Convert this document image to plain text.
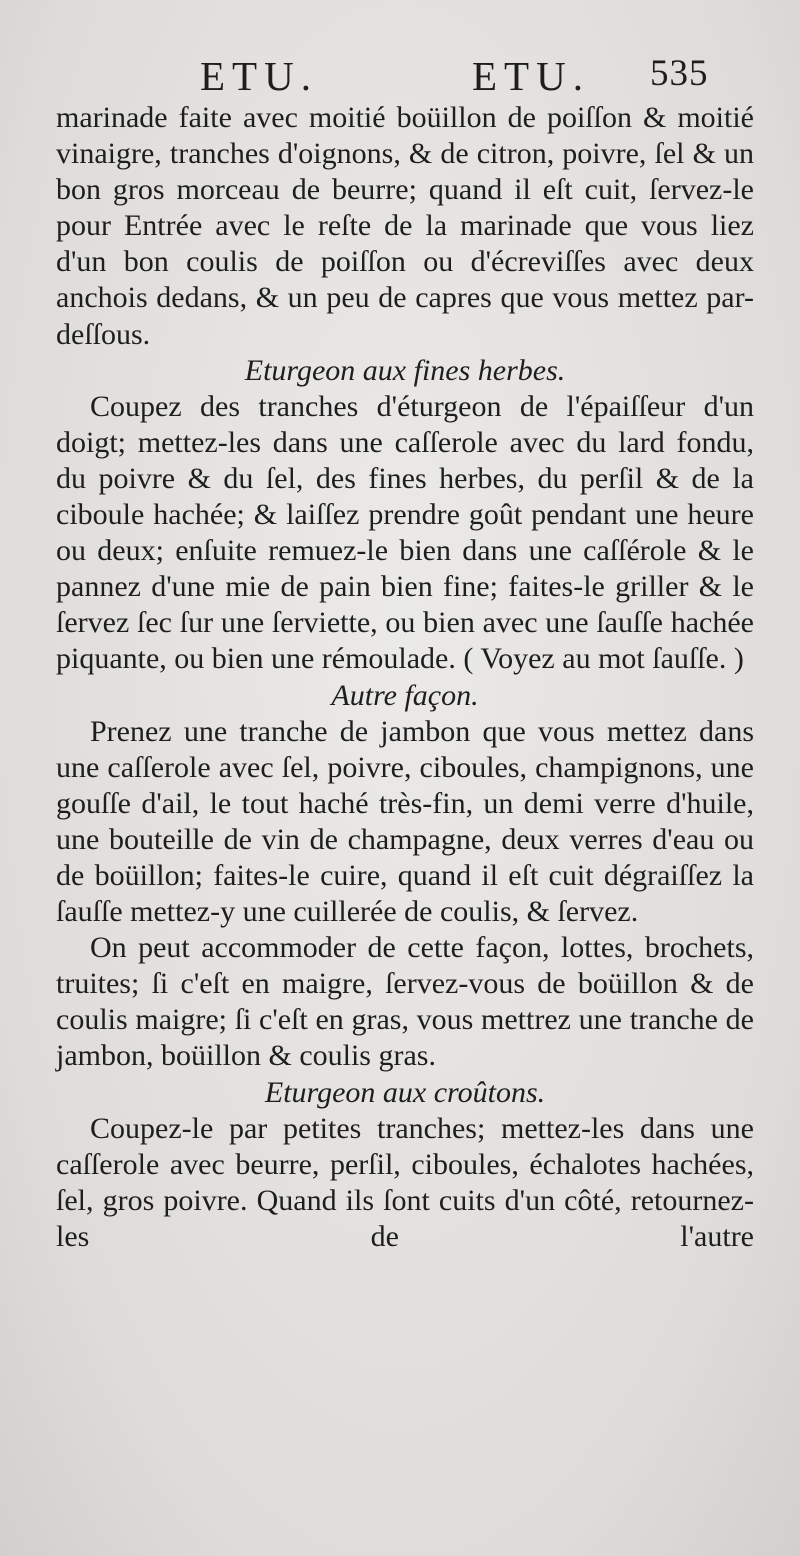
ETU.	ETU. 535

marinade faite avec moitié boüillon de poiſſon & moitié vinaigre, tranches d'oignons, & de citron, poivre, ſel & un bon gros morceau de beurre; quand il eſt cuit, ſervez-le pour Entrée avec le reſte de la marinade que vous liez d'un bon coulis de poiſſon ou d'écreviſſes avec deux anchois dedans, & un peu de capres que vous mettez par-deſſous.

Eturgeon aux fines herbes.

Coupez des tranches d'éturgeon de l'épaiſſeur d'un doigt; mettez-les dans une caſſerole avec du lard fondu, du poivre & du ſel, des fines herbes, du perſil & de la ciboule hachée; & laiſſez prendre goût pendant une heure ou deux; enſuite remuez-le bien dans une caſſérole & le pannez d'une mie de pain bien fine; faites-le griller & le ſervez ſec ſur une ſerviette, ou bien avec une ſauſſe hachée piquante, ou bien une rémoulade. ( Voyez au mot ſauſſe. )

Autre façon.

Prenez une tranche de jambon que vous mettez dans une caſſerole avec ſel, poivre, ciboules, champignons, une gouſſe d'ail, le tout haché très-fin, un demi verre d'huile, une bouteille de vin de champagne, deux verres d'eau ou de boüillon; faites-le cuire, quand il eſt cuit dégraiſſez la ſauſſe mettez-y une cuillerée de coulis, & ſervez.

On peut accommoder de cette façon, lottes, brochets, truites; ſi c'eſt en maigre, ſervez-vous de boüillon & de coulis maigre; ſi c'eſt en gras, vous mettrez une tranche de jambon, boüillon & coulis gras.

Eturgeon aux croûtons.

Coupez-le par petites tranches; mettez-les dans une caſſerole avec beurre, perſil, ciboules, échalotes hachées, ſel, gros poivre. Quand ils ſont cuits d'un côté, retournez-les de l'autre
